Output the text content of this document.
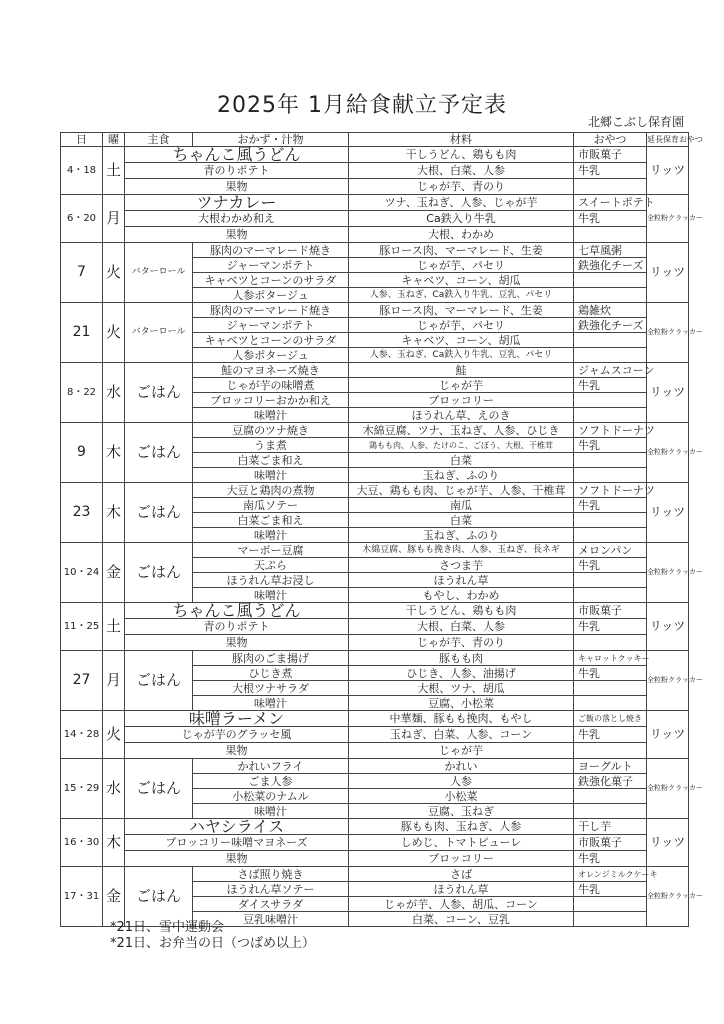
2025年 1月給食献立予定表
北郷こぶし保育園
日	曜	主食	おかず・汁物	材料	おやつ	延長保育おやつ
4・18	土	ちゃんこ風うどん		干しうどん、鶏もも肉	市販菓子	リッツ
		青のりポテト		大根、白菜、人参	牛乳	
		果物		じゃが芋、青のり		
6・20	月	ツナカレー		ツナ、玉ねぎ、人参、じゃが芋	スイートポテト	全粒粉クラッカー
		大根わかめ和え		Ca鉄入り牛乳	牛乳	
		果物		大根、わかめ		
7	火	バターロール	豚肉のマーマレード焼き	豚ロース肉、マーマレード、生姜	七草風粥	リッツ
			ジャーマンポテト	じゃが芋、パセリ	鉄強化チーズ	
			キャベツとコーンのサラダ	キャベツ、コーン、胡瓜		
			人参ポタージュ	人参、玉ねぎ、Ca鉄入り牛乳、豆乳、パセリ		
21	火	バターロール	豚肉のマーマレード焼き	豚ロース肉、マーマレード、生姜	鶏雑炊	全粒粉クラッカー
			ジャーマンポテト	じゃが芋、パセリ	鉄強化チーズ	
			キャベツとコーンのサラダ	キャベツ、コーン、胡瓜		
			人参ポタージュ	人参、玉ねぎ、Ca鉄入り牛乳、豆乳、パセリ		
8・22	水	ごはん	鮭のマヨネーズ焼き	鮭	ジャムスコーン	リッツ
			じゃが芋の味噌煮	じゃが芋	牛乳	
			ブロッコリーおかか和え	ブロッコリー		
			味噌汁	ほうれん草、えのき		
9	木	ごはん	豆腐のツナ焼き	木綿豆腐、ツナ、玉ねぎ、人参、ひじき	ソフトドーナツ	全粒粉クラッカー
			うま煮	鶏もも肉、人参、たけのこ、ごぼう、大根、干椎茸	牛乳	
			白菜ごま和え	白菜		
			味噌汁	玉ねぎ、ふのり		
23	木	ごはん	大豆と鶏肉の煮物	大豆、鶏もも肉、じゃが芋、人参、干椎茸	ソフトドーナツ	リッツ
			南瓜ソテー	南瓜	牛乳	
			白菜ごま和え	白菜		
			味噌汁	玉ねぎ、ふのり		
10・24	金	ごはん	マーボー豆腐	木綿豆腐、豚もも挽き肉、人参、玉ねぎ、長ネギ	メロンパン	全粒粉クラッカー
			天ぷら	さつま芋	牛乳	
			ほうれん草お浸し	ほうれん草		
			味噌汁	もやし、わかめ		
11・25	土	ちゃんこ風うどん		干しうどん、鶏もも肉	市販菓子	リッツ
		青のりポテト		大根、白菜、人参	牛乳	
		果物		じゃが芋、青のり		
27	月	ごはん	豚肉のごま揚げ	豚もも肉	キャロットクッキー	全粒粉クラッカー
			ひじき煮	ひじき、人参、油揚げ	牛乳	
			大根ツナサラダ	大根、ツナ、胡瓜		
			味噌汁	豆腐、小松菜		
14・28	火	味噌ラーメン		中華麺、豚もも挽肉、もやし	ご飯の落とし焼き	リッツ
		じゃが芋のグラッセ風		玉ねぎ、白菜、人参、コーン	牛乳	
		果物		じゃが芋		
15・29	水	ごはん	かれいフライ	かれい	ヨーグルト	全粒粉クラッカー
			ごま人参	人参	鉄強化菓子	
			小松菜のナムル	小松菜		
			味噌汁	豆腐、玉ねぎ		
16・30	木	ハヤシライス		豚もも肉、玉ねぎ、人参	干し芋	リッツ
		ブロッコリー味噌マヨネーズ		しめじ、トマトピューレ	市販菓子	
		果物		ブロッコリー	牛乳	
17・31	金	ごはん	さば照り焼き	さば	オレンジミルクケーキ	全粒粉クラッカー
			ほうれん草ソテー	ほうれん草	牛乳	
			ダイスサラダ	じゃが芋、人参、胡瓜、コーン		
			豆乳味噌汁	白菜、コーン、豆乳		
*21日、雪中運動会
*21日、お弁当の日（つばめ以上）
